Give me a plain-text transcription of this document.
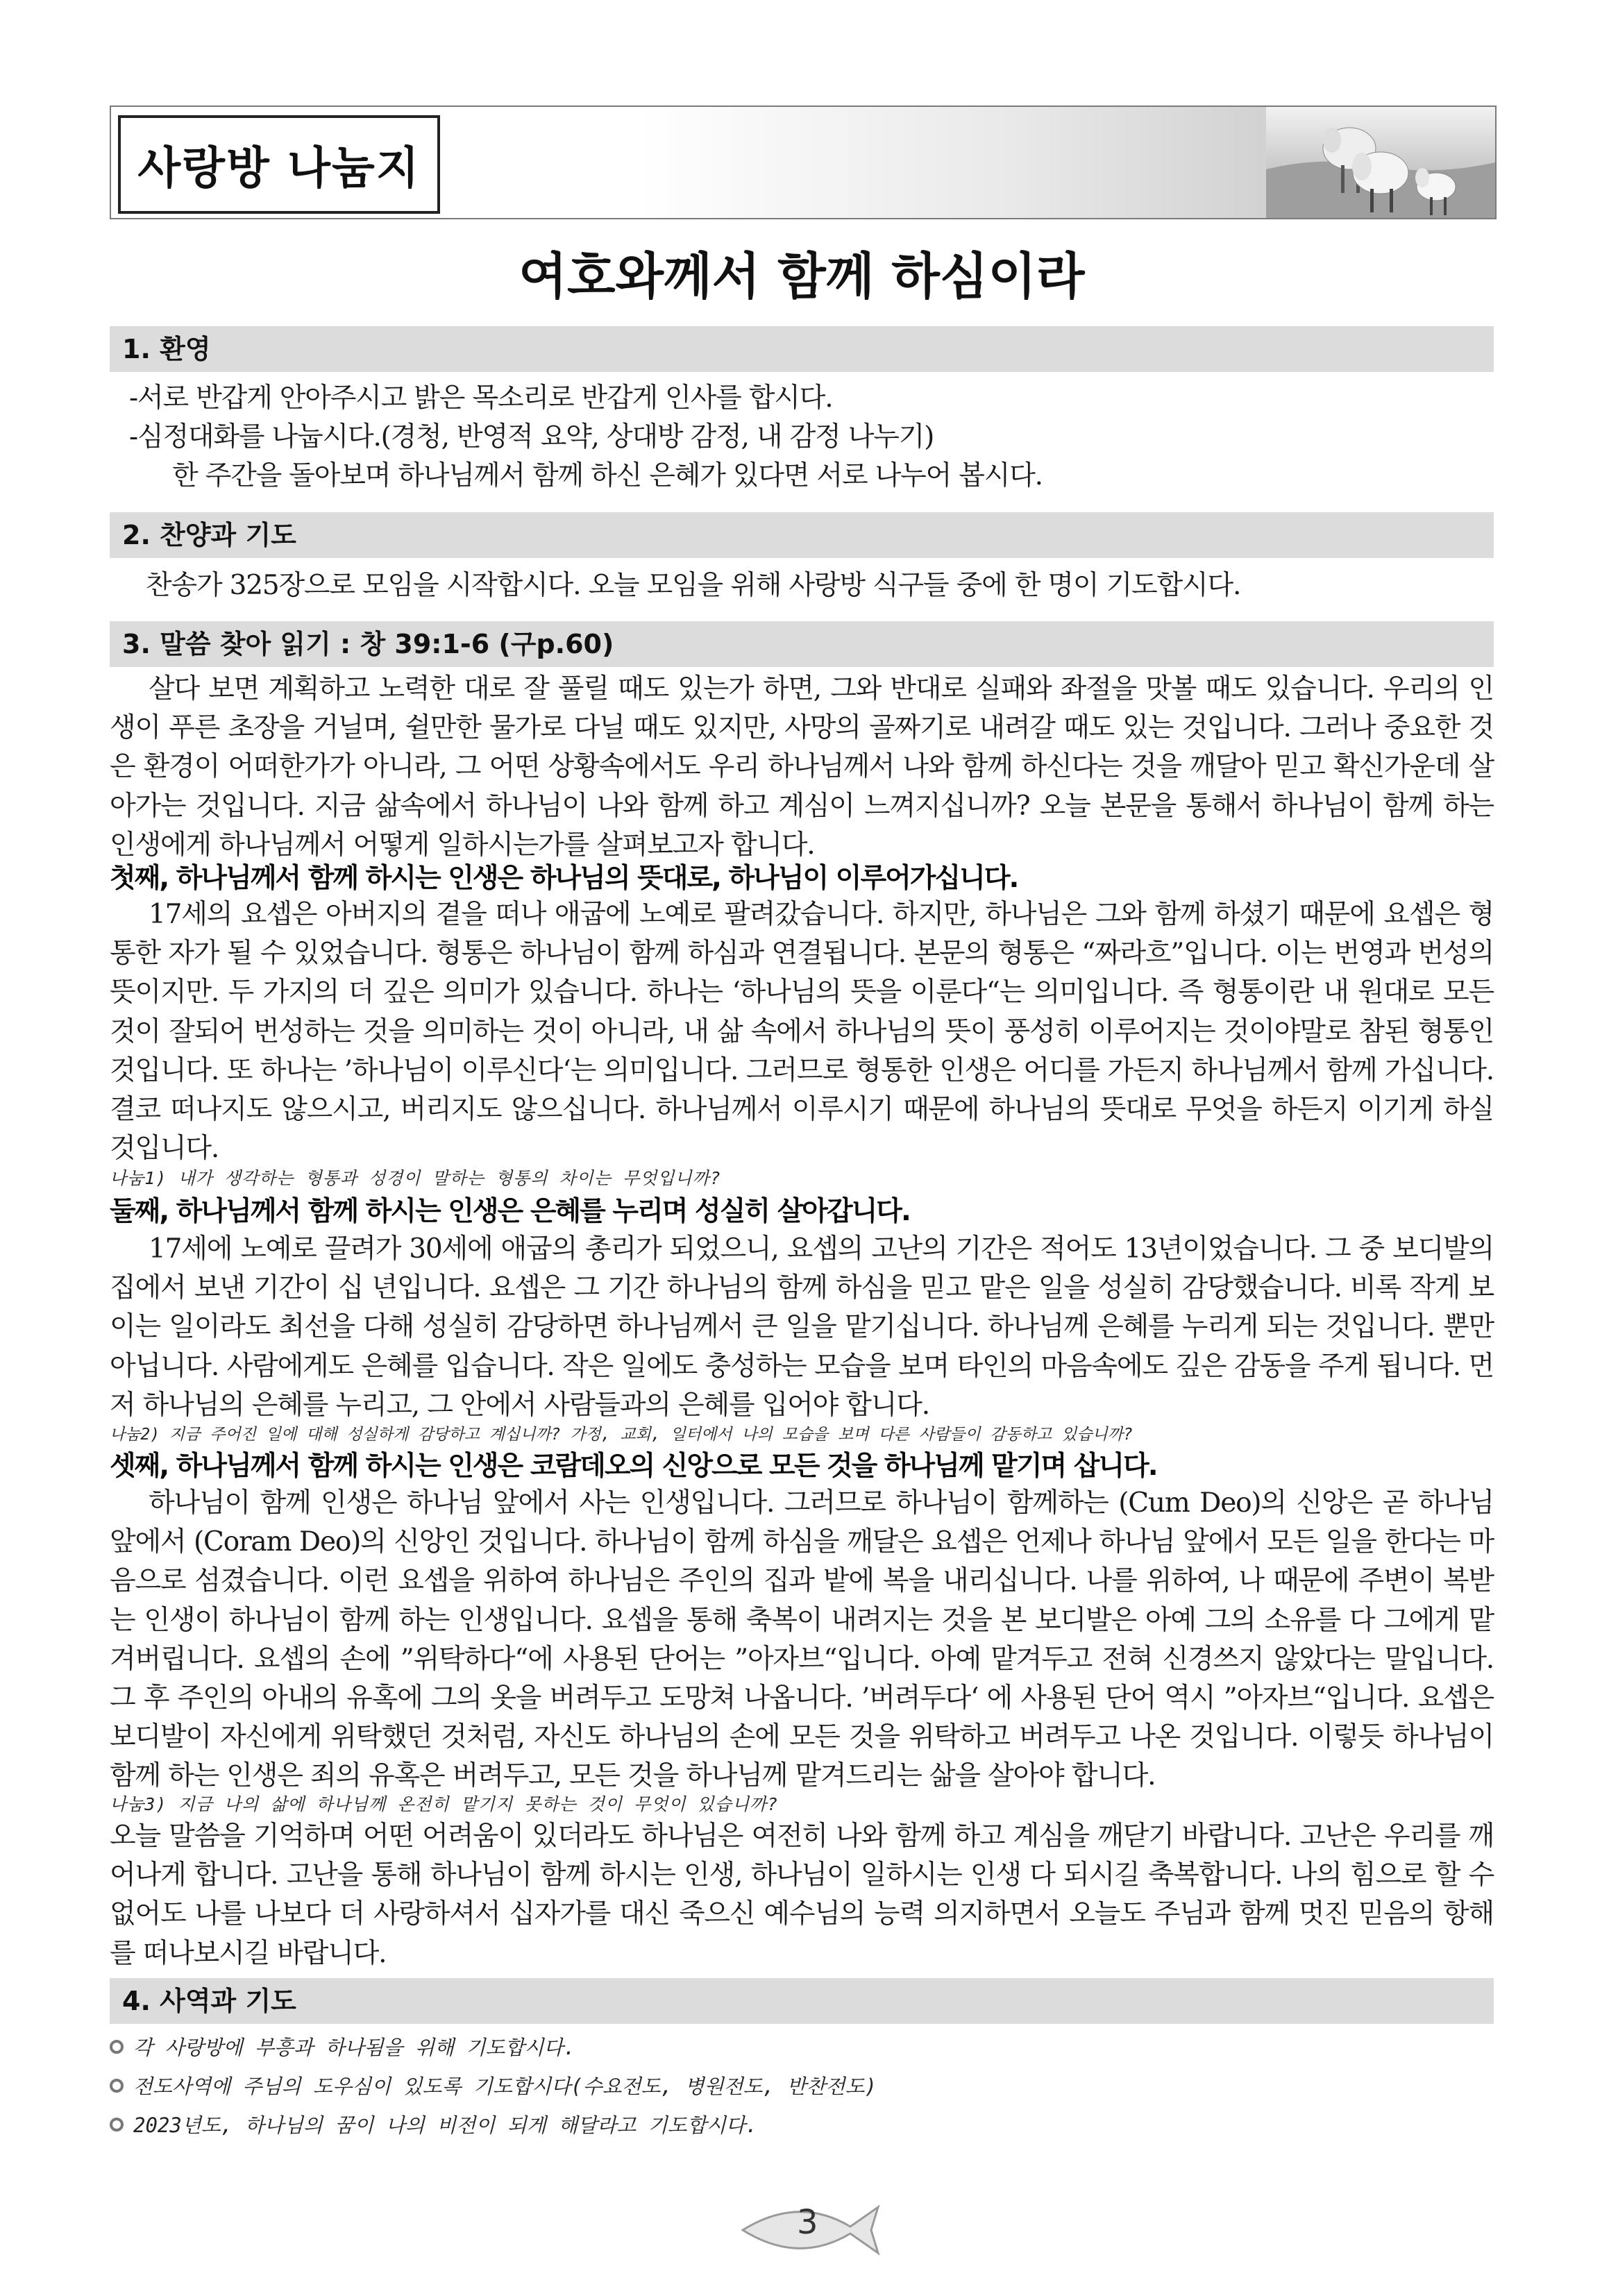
사랑방 나눔지
여호와께서 함께 하심이라
1. 환영

-서로 반갑게 안아주시고 밝은 목소리로 반갑게 인사를 합시다.

-심정대화를 나눕시다.(경청, 반영적 요약, 상대방 감정, 내 감정 나누기)

한 주간을 돌아보며 하나님께서 함께 하신 은혜가 있다면 서로 나누어 봅시다.

2. 찬양과 기도

찬송가 325장으로 모임을 시작합시다. 오늘 모임을 위해 사랑방 식구들 중에 한 명이 기도합시다.

3. 말씀 찾아 읽기 : 창 39:1-6 (구p.60)

살다 보면 계획하고 노력한 대로 잘 풀릴 때도 있는가 하면, 그와 반대로 실패와 좌절을 맛볼 때도 있습니다. 우리의 인생이 푸른 초장을 거닐며, 쉴만한 물가로 다닐 때도 있지만, 사망의 골짜기로 내려갈 때도 있는 것입니다. 그러나 중요한 것은 환경이 어떠한가가 아니라, 그 어떤 상황속에서도 우리 하나님께서 나와 함께 하신다는 것을 깨달아 믿고 확신가운데 살아가는 것입니다. 지금 삶속에서 하나님이 나와 함께 하고 계심이 느껴지십니까? 오늘 본문을 통해서 하나님이 함께 하는 인생에게 하나님께서 어떻게 일하시는가를 살펴보고자 합니다.

첫째, 하나님께서 함께 하시는 인생은 하나님의 뜻대로, 하나님이 이루어가십니다.

17세의 요셉은 아버지의 곁을 떠나 애굽에 노예로 팔려갔습니다. 하지만, 하나님은 그와 함께 하셨기 때문에 요셉은 형통한 자가 될 수 있었습니다. 형통은 하나님이 함께 하심과 연결됩니다. 본문의 형통은 “짜라흐”입니다. 이는 번영과 번성의 뜻이지만. 두 가지의 더 깊은 의미가 있습니다. 하나는 ‘하나님의 뜻을 이룬다“는 의미입니다. 즉 형통이란 내 원대로 모든 것이 잘되어 번성하는 것을 의미하는 것이 아니라, 내 삶 속에서 하나님의 뜻이 풍성히 이루어지는 것이야말로 참된 형통인 것입니다. 또 하나는 ’하나님이 이루신다‘는 의미입니다. 그러므로 형통한 인생은 어디를 가든지 하나님께서 함께 가십니다. 결코 떠나지도 않으시고, 버리지도 않으십니다. 하나님께서 이루시기 때문에 하나님의 뜻대로 무엇을 하든지 이기게 하실 것입니다.

나눔1) 내가 생각하는 형통과 성경이 말하는 형통의 차이는 무엇입니까?

둘째, 하나님께서 함께 하시는 인생은 은혜를 누리며 성실히 살아갑니다.

17세에 노예로 끌려가 30세에 애굽의 총리가 되었으니, 요셉의 고난의 기간은 적어도 13년이었습니다. 그 중 보디발의 집에서 보낸 기간이 십 년입니다. 요셉은 그 기간 하나님의 함께 하심을 믿고 맡은 일을 성실히 감당했습니다. 비록 작게 보이는 일이라도 최선을 다해 성실히 감당하면 하나님께서 큰 일을 맡기십니다. 하나님께 은혜를 누리게 되는 것입니다. 뿐만 아닙니다. 사람에게도 은혜를 입습니다. 작은 일에도 충성하는 모습을 보며 타인의 마음속에도 깊은 감동을 주게 됩니다. 먼저 하나님의 은혜를 누리고, 그 안에서 사람들과의 은혜를 입어야 합니다.

나눔2) 지금 주어진 일에 대해 성실하게 감당하고 계십니까? 가정, 교회, 일터에서 나의 모습을 보며 다른 사람들이 감동하고 있습니까?

셋째, 하나님께서 함께 하시는 인생은 코람데오의 신앙으로 모든 것을 하나님께 맡기며 삽니다.

하나님이 함께 인생은 하나님 앞에서 사는 인생입니다. 그러므로 하나님이 함께하는 (Cum Deo)의 신앙은 곧 하나님 앞에서 (Coram Deo)의 신앙인 것입니다. 하나님이 함께 하심을 깨달은 요셉은 언제나 하나님 앞에서 모든 일을 한다는 마음으로 섬겼습니다. 이런 요셉을 위하여 하나님은 주인의 집과 밭에 복을 내리십니다. 나를 위하여, 나 때문에 주변이 복받는 인생이 하나님이 함께 하는 인생입니다. 요셉을 통해 축복이 내려지는 것을 본 보디발은 아예 그의 소유를 다 그에게 맡겨버립니다. 요셉의 손에 ”위탁하다“에 사용된 단어는 ”아자브“입니다. 아예 맡겨두고 전혀 신경쓰지 않았다는 말입니다. 그 후 주인의 아내의 유혹에 그의 옷을 버려두고 도망쳐 나옵니다. ’버려두다‘ 에 사용된 단어 역시 ”아자브“입니다. 요셉은 보디발이 자신에게 위탁했던 것처럼, 자신도 하나님의 손에 모든 것을 위탁하고 버려두고 나온 것입니다. 이렇듯 하나님이 함께 하는 인생은 죄의 유혹은 버려두고, 모든 것을 하나님께 맡겨드리는 삶을 살아야 합니다.

나눔3) 지금 나의 삶에 하나님께 온전히 맡기지 못하는 것이 무엇이 있습니까?

오늘 말씀을 기억하며 어떤 어려움이 있더라도 하나님은 여전히 나와 함께 하고 계심을 깨닫기 바랍니다. 고난은 우리를 깨어나게 합니다. 고난을 통해 하나님이 함께 하시는 인생, 하나님이 일하시는 인생 다 되시길 축복합니다. 나의 힘으로 할 수 없어도 나를 나보다 더 사랑하셔서 십자가를 대신 죽으신 예수님의 능력 의지하면서 오늘도 주님과 함께 멋진 믿음의 항해를 떠나보시길 바랍니다.

4. 사역과 기도
각 사랑방에 부흥과 하나됨을 위해 기도합시다.
전도사역에 주님의 도우심이 있도록 기도합시다(수요전도, 병원전도, 반찬전도)
2023년도, 하나님의 꿈이 나의 비전이 되게 해달라고 기도합시다.
3
